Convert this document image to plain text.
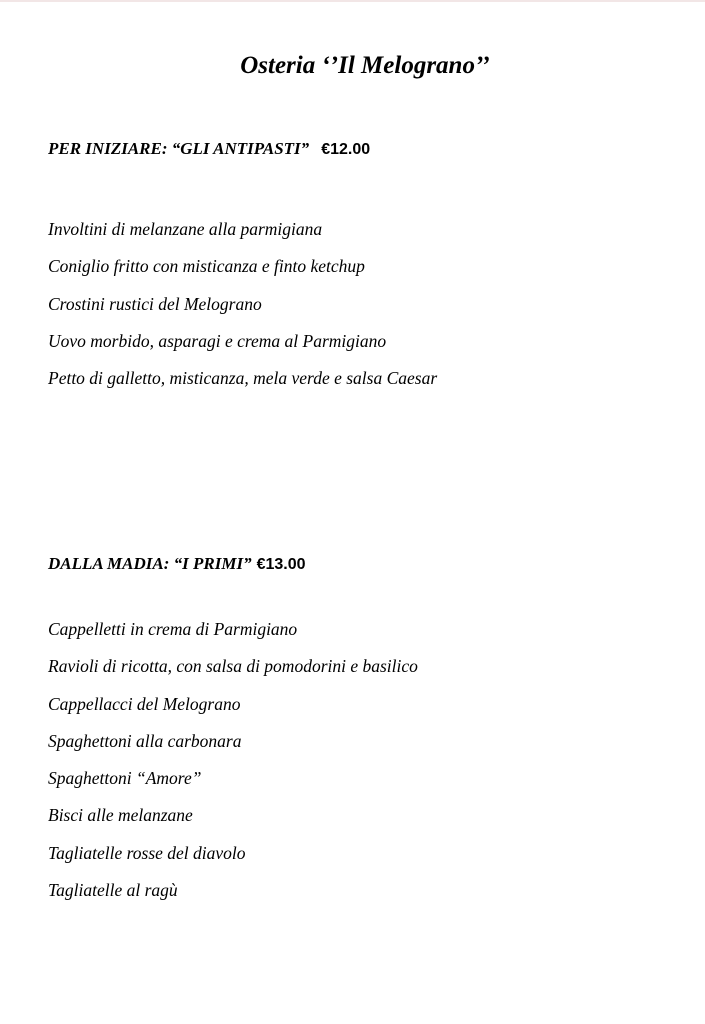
Osteria ‘’Il Melograno’’
PER INIZIARE: “GLI ANTIPASTI” €12.00
Involtini di melanzane alla parmigiana
Coniglio fritto con misticanza e finto ketchup
Crostini rustici del Melograno
Uovo morbido, asparagi e crema al Parmigiano
Petto di galletto, misticanza, mela verde e salsa Caesar
DALLA MADIA: “I PRIMI” €13.00
Cappelletti in crema di Parmigiano
Ravioli di ricotta, con salsa di pomodorini e basilico
Cappellacci del Melograno
Spaghettoni alla carbonara
Spaghettoni “Amore”
Bisci alle melanzane
Tagliatelle rosse del diavolo
Tagliatelle al ragù
